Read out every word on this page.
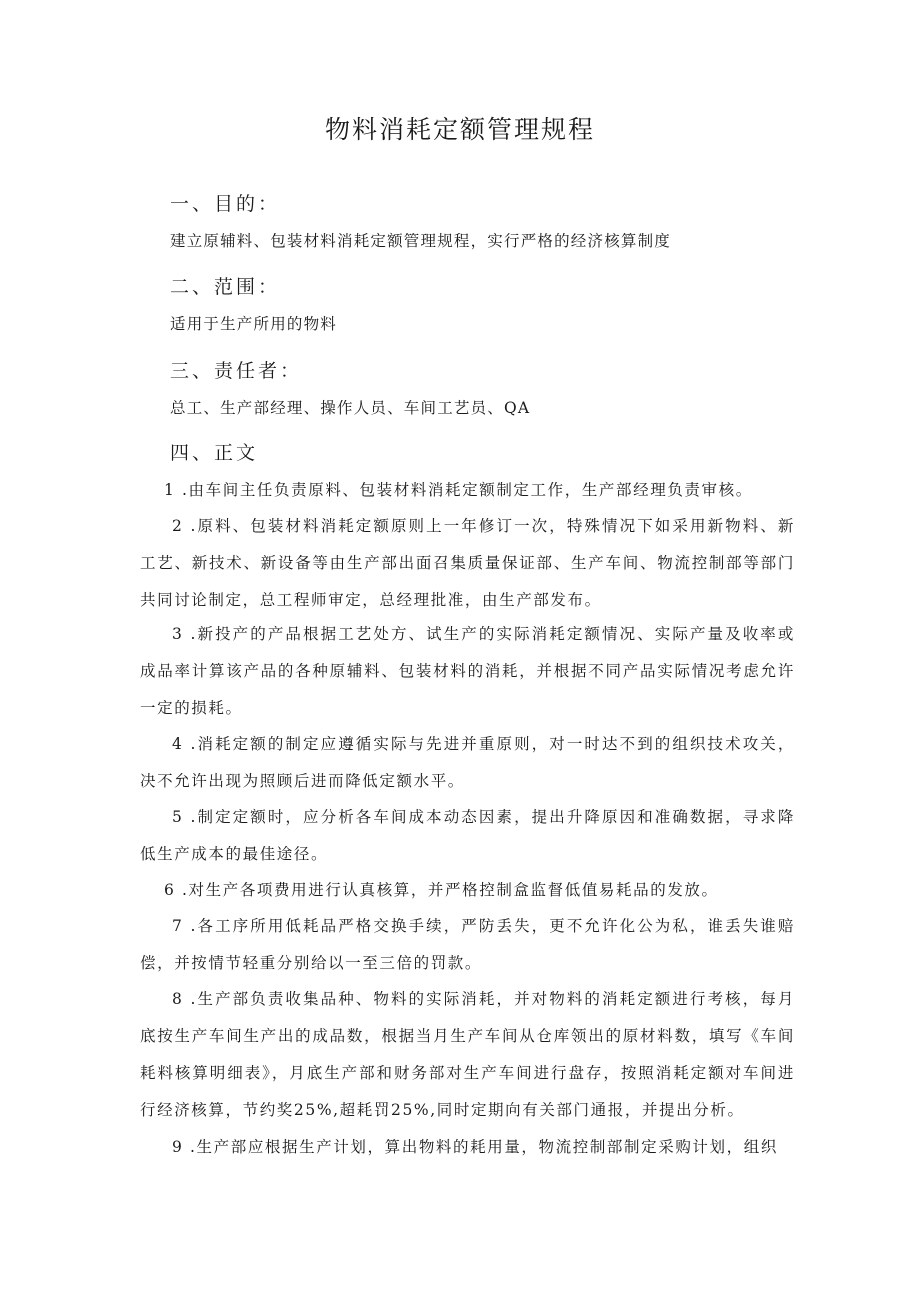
物料消耗定额管理规程
一、目的：
建立原辅料、包装材料消耗定额管理规程，实行严格的经济核算制度
二、范围：
适用于生产所用的物料
三、责任者：
总工、生产部经理、操作人员、车间工艺员、QA
四、正文
1 .由车间主任负责原料、包装材料消耗定额制定工作，生产部经理负责审核。
2 .原料、包装材料消耗定额原则上一年修订一次，特殊情况下如采用新物料、新工艺、新技术、新设备等由生产部出面召集质量保证部、生产车间、物流控制部等部门共同讨论制定，总工程师审定，总经理批准，由生产部发布。
3 .新投产的产品根据工艺处方、试生产的实际消耗定额情况、实际产量及收率或成品率计算该产品的各种原辅料、包装材料的消耗，并根据不同产品实际情况考虑允许一定的损耗。
4 .消耗定额的制定应遵循实际与先进并重原则，对一时达不到的组织技术攻关，决不允许出现为照顾后进而降低定额水平。
5 .制定定额时，应分析各车间成本动态因素，提出升降原因和准确数据，寻求降低生产成本的最佳途径。
6 .对生产各项费用进行认真核算，并严格控制盒监督低值易耗品的发放。
7 .各工序所用低耗品严格交换手续，严防丢失，更不允许化公为私，谁丢失谁赔偿，并按情节轻重分别给以一至三倍的罚款。
8 .生产部负责收集品种、物料的实际消耗，并对物料的消耗定额进行考核，每月底按生产车间生产出的成品数，根据当月生产车间从仓库领出的原材料数，填写《车间耗料核算明细表》，月底生产部和财务部对生产车间进行盘存，按照消耗定额对车间进行经济核算，节约奖25%,超耗罚25%,同时定期向有关部门通报，并提出分析。
9 .生产部应根据生产计划，算出物料的耗用量，物流控制部制定采购计划，组织
